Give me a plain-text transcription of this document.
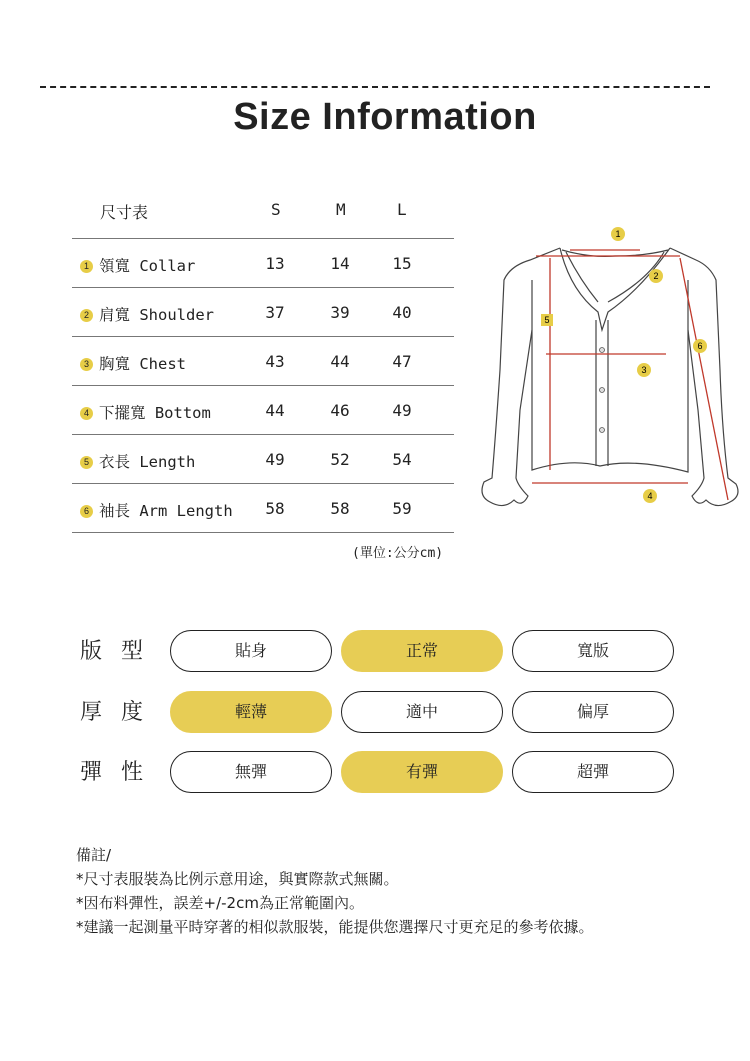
Size Information
尺寸表	S	M	L
1 領寬 Collar	13	14	15
2 肩寬 Shoulder	37	39	40
3 胸寬 Chest	43	44	47
4 下擺寬 Bottom	44	46	49
5 衣長 Length	49	52	54
6 袖長 Arm Length 58	58	59
(單位:公分cm)
1
2
3
4
5
6
版 型	貼身	正常	寬版
厚 度	輕薄	適中	偏厚
彈 性	無彈	有彈	超彈
備註/
*尺寸表服裝為比例示意用途，與實際款式無關。
*因布料彈性，誤差+/-2cm為正常範圍內。
*建議一起測量平時穿著的相似款服裝，能提供您選擇尺寸更充足的參考依據。
